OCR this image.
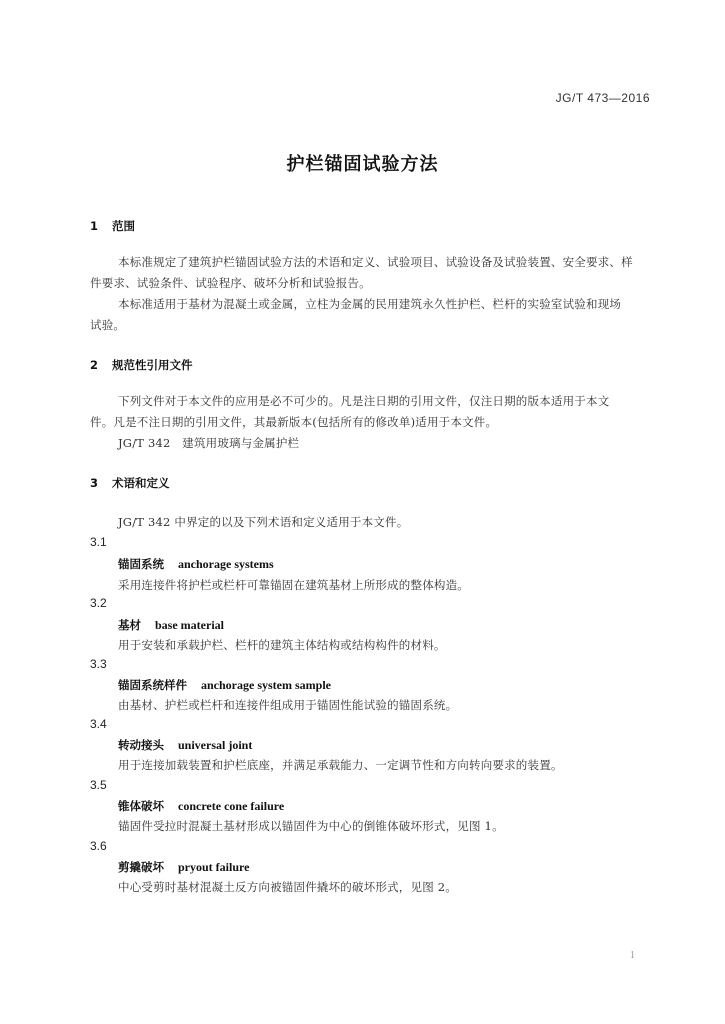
JG/T 473—2016
护栏锚固试验方法
1 范围
本标准规定了建筑护栏锚固试验方法的术语和定义、试验项目、试验设备及试验装置、安全要求、样
件要求、试验条件、试验程序、破坏分析和试验报告。
本标准适用于基材为混凝土或金属，立柱为金属的民用建筑永久性护栏、栏杆的实验室试验和现场
试验。
2 规范性引用文件
下列文件对于本文件的应用是必不可少的。凡是注日期的引用文件，仅注日期的版本适用于本文
件。凡是不注日期的引用文件，其最新版本(包括所有的修改单)适用于本文件。
JG/T 342　建筑用玻璃与金属护栏
3 术语和定义
JG/T 342 中界定的以及下列术语和定义适用于本文件。
3.1
锚固系统 anchorage systems
采用连接件将护栏或栏杆可靠锚固在建筑基材上所形成的整体构造。
3.2
基材 base material
用于安装和承载护栏、栏杆的建筑主体结构或结构构件的材料。
3.3
锚固系统样件 anchorage system sample
由基材、护栏或栏杆和连接件组成用于锚固性能试验的锚固系统。
3.4
转动接头 universal joint
用于连接加载装置和护栏底座，并满足承载能力、一定调节性和方向转向要求的装置。
3.5
锥体破坏 concrete cone failure
锚固件受拉时混凝土基材形成以锚固件为中心的倒锥体破坏形式，见图 1。
3.6
剪撬破坏 pryout failure
中心受剪时基材混凝土反方向被锚固件撬坏的破坏形式，见图 2。
1
